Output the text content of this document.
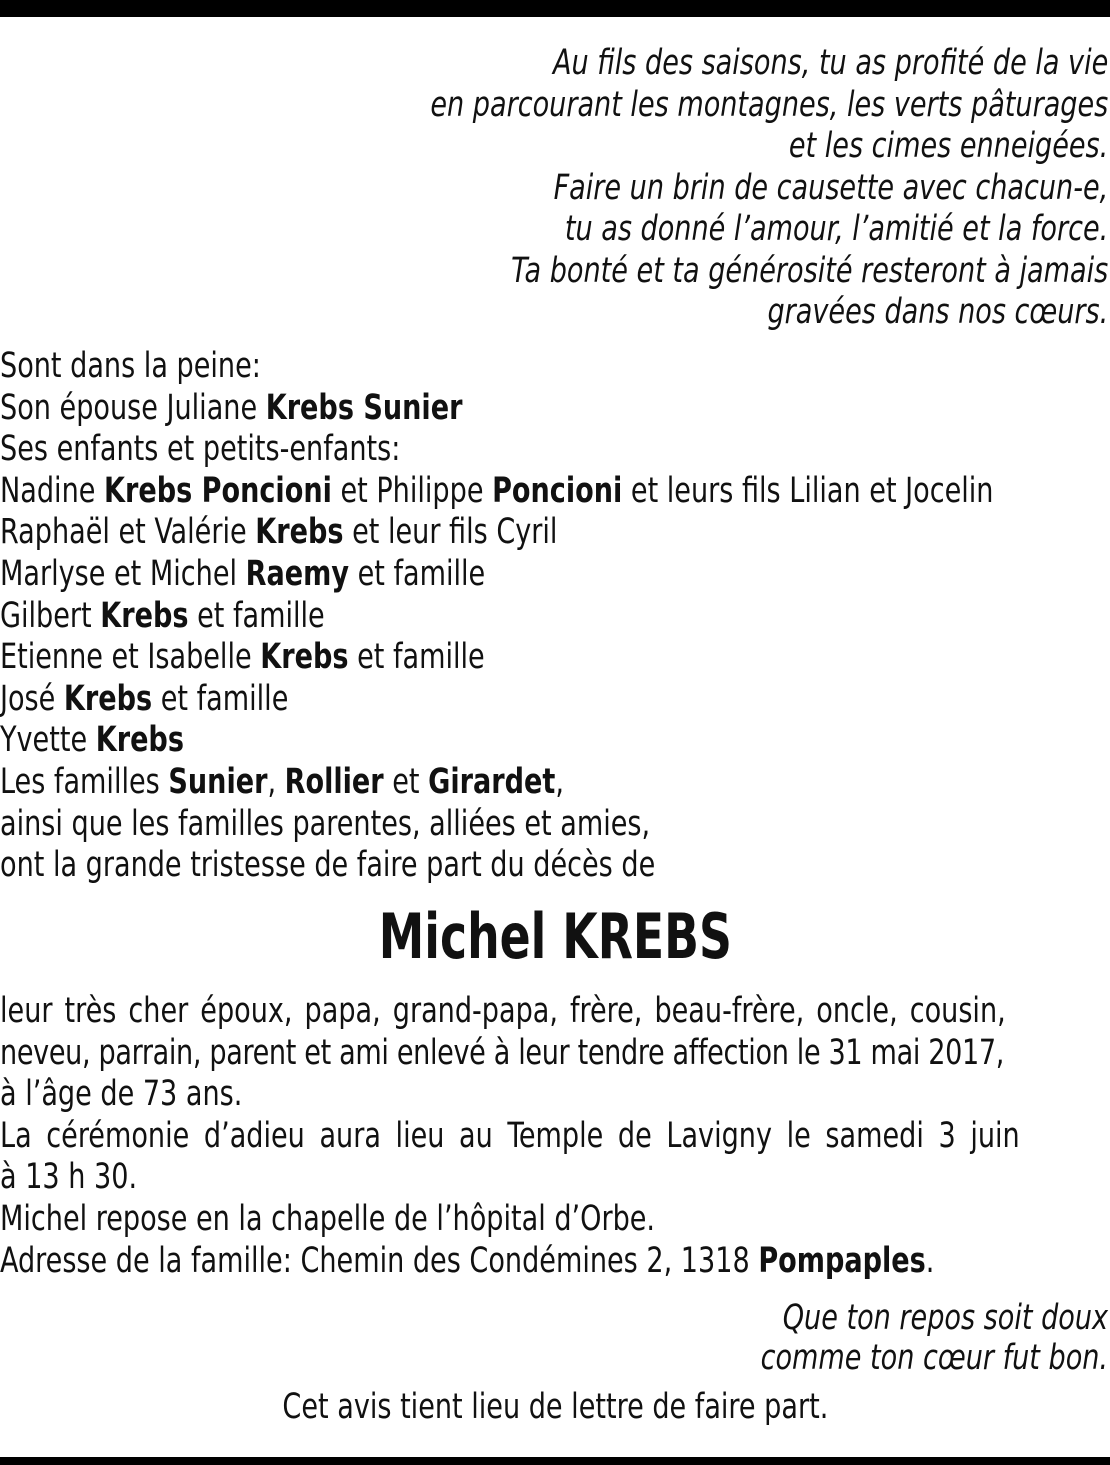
Au fils des saisons, tu as profité de la vie
en parcourant les montagnes, les verts pâturages
et les cimes enneigées.
Faire un brin de causette avec chacun-e,
tu as donné l’amour, l’amitié et la force.
Ta bonté et ta générosité resteront à jamais
gravées dans nos cœurs.
Sont dans la peine:
Son épouse Juliane Krebs Sunier
Ses enfants et petits-enfants:
Nadine Krebs Poncioni et Philippe Poncioni et leurs fils Lilian et Jocelin
Raphaël et Valérie Krebs et leur fils Cyril
Marlyse et Michel Raemy et famille
Gilbert Krebs et famille
Etienne et Isabelle Krebs et famille
José Krebs et famille
Yvette Krebs
Les familles Sunier, Rollier et Girardet,
ainsi que les familles parentes, alliées et amies,
ont la grande tristesse de faire part du décès de
Michel KREBS
leur très cher époux, papa, grand-papa, frère, beau-frère, oncle, cousin,
neveu, parrain, parent et ami enlevé à leur tendre affection le 31 mai 2017,
à l’âge de 73 ans.
La cérémonie d’adieu aura lieu au Temple de Lavigny le samedi 3 juin
à 13 h 30.
Michel repose en la chapelle de l’hôpital d’Orbe.
Adresse de la famille: Chemin des Condémines 2, 1318 Pompaples.
Que ton repos soit doux
comme ton cœur fut bon.
Cet avis tient lieu de lettre de faire part.
